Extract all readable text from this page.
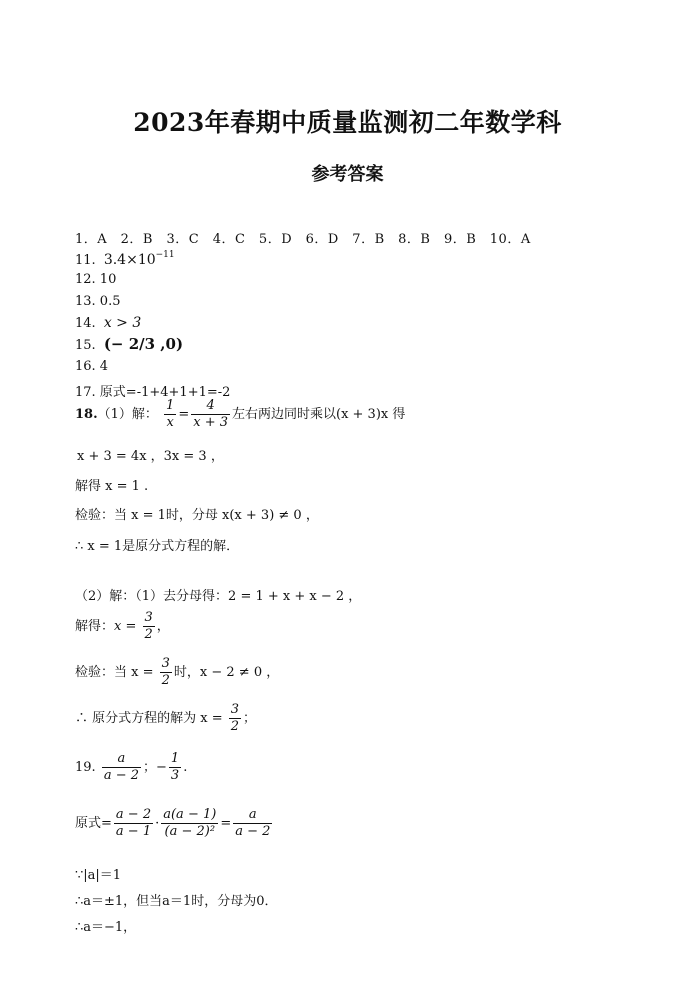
2023年春期中质量监测初二年数学科
参考答案
1．A　2．B　3．C　4．C　5．D　6．D　7．B　8．B　9．B　10．A
11. $3.4\times 10^{-11}$
12. 10
13. 0.5
14. x > 3
15. (− 2/3 ,0)
16. 4
17. 原式=-1+4+1+1=-2
18.（1）解： $\frac{1}{x} = \frac{4}{x + 3}$ 左右两边同时乘以(x + 3)x 得
x + 3 = 4x ，3x = 3 ，
解得 x = 1 .
检验：当 x = 1时，分母 x(x + 3) ≠ 0 ，
∴ x = 1是原分式方程的解．
（2）解：（1）去分母得：2 = 1 + x + x − 2 ，
解得：$x = \frac{3}{2}$ ，
检验：当 $x = \frac{3}{2}$ 时，x − 2 ≠ 0 ，
∴ 原分式方程的解为 $x = \frac{3}{2}$ ；
19. $\frac{a}{a - 2}$ ；− $\frac{1}{3}$ .
原式= $\frac{a - 2}{a - 1} \cdot \frac{a(a - 1)}{\text{(a − 2)²}} = \frac{a}{a - 2}$
∵|a|＝1
∴a＝±1，但当a＝1时，分母为0．
∴a＝−1，
